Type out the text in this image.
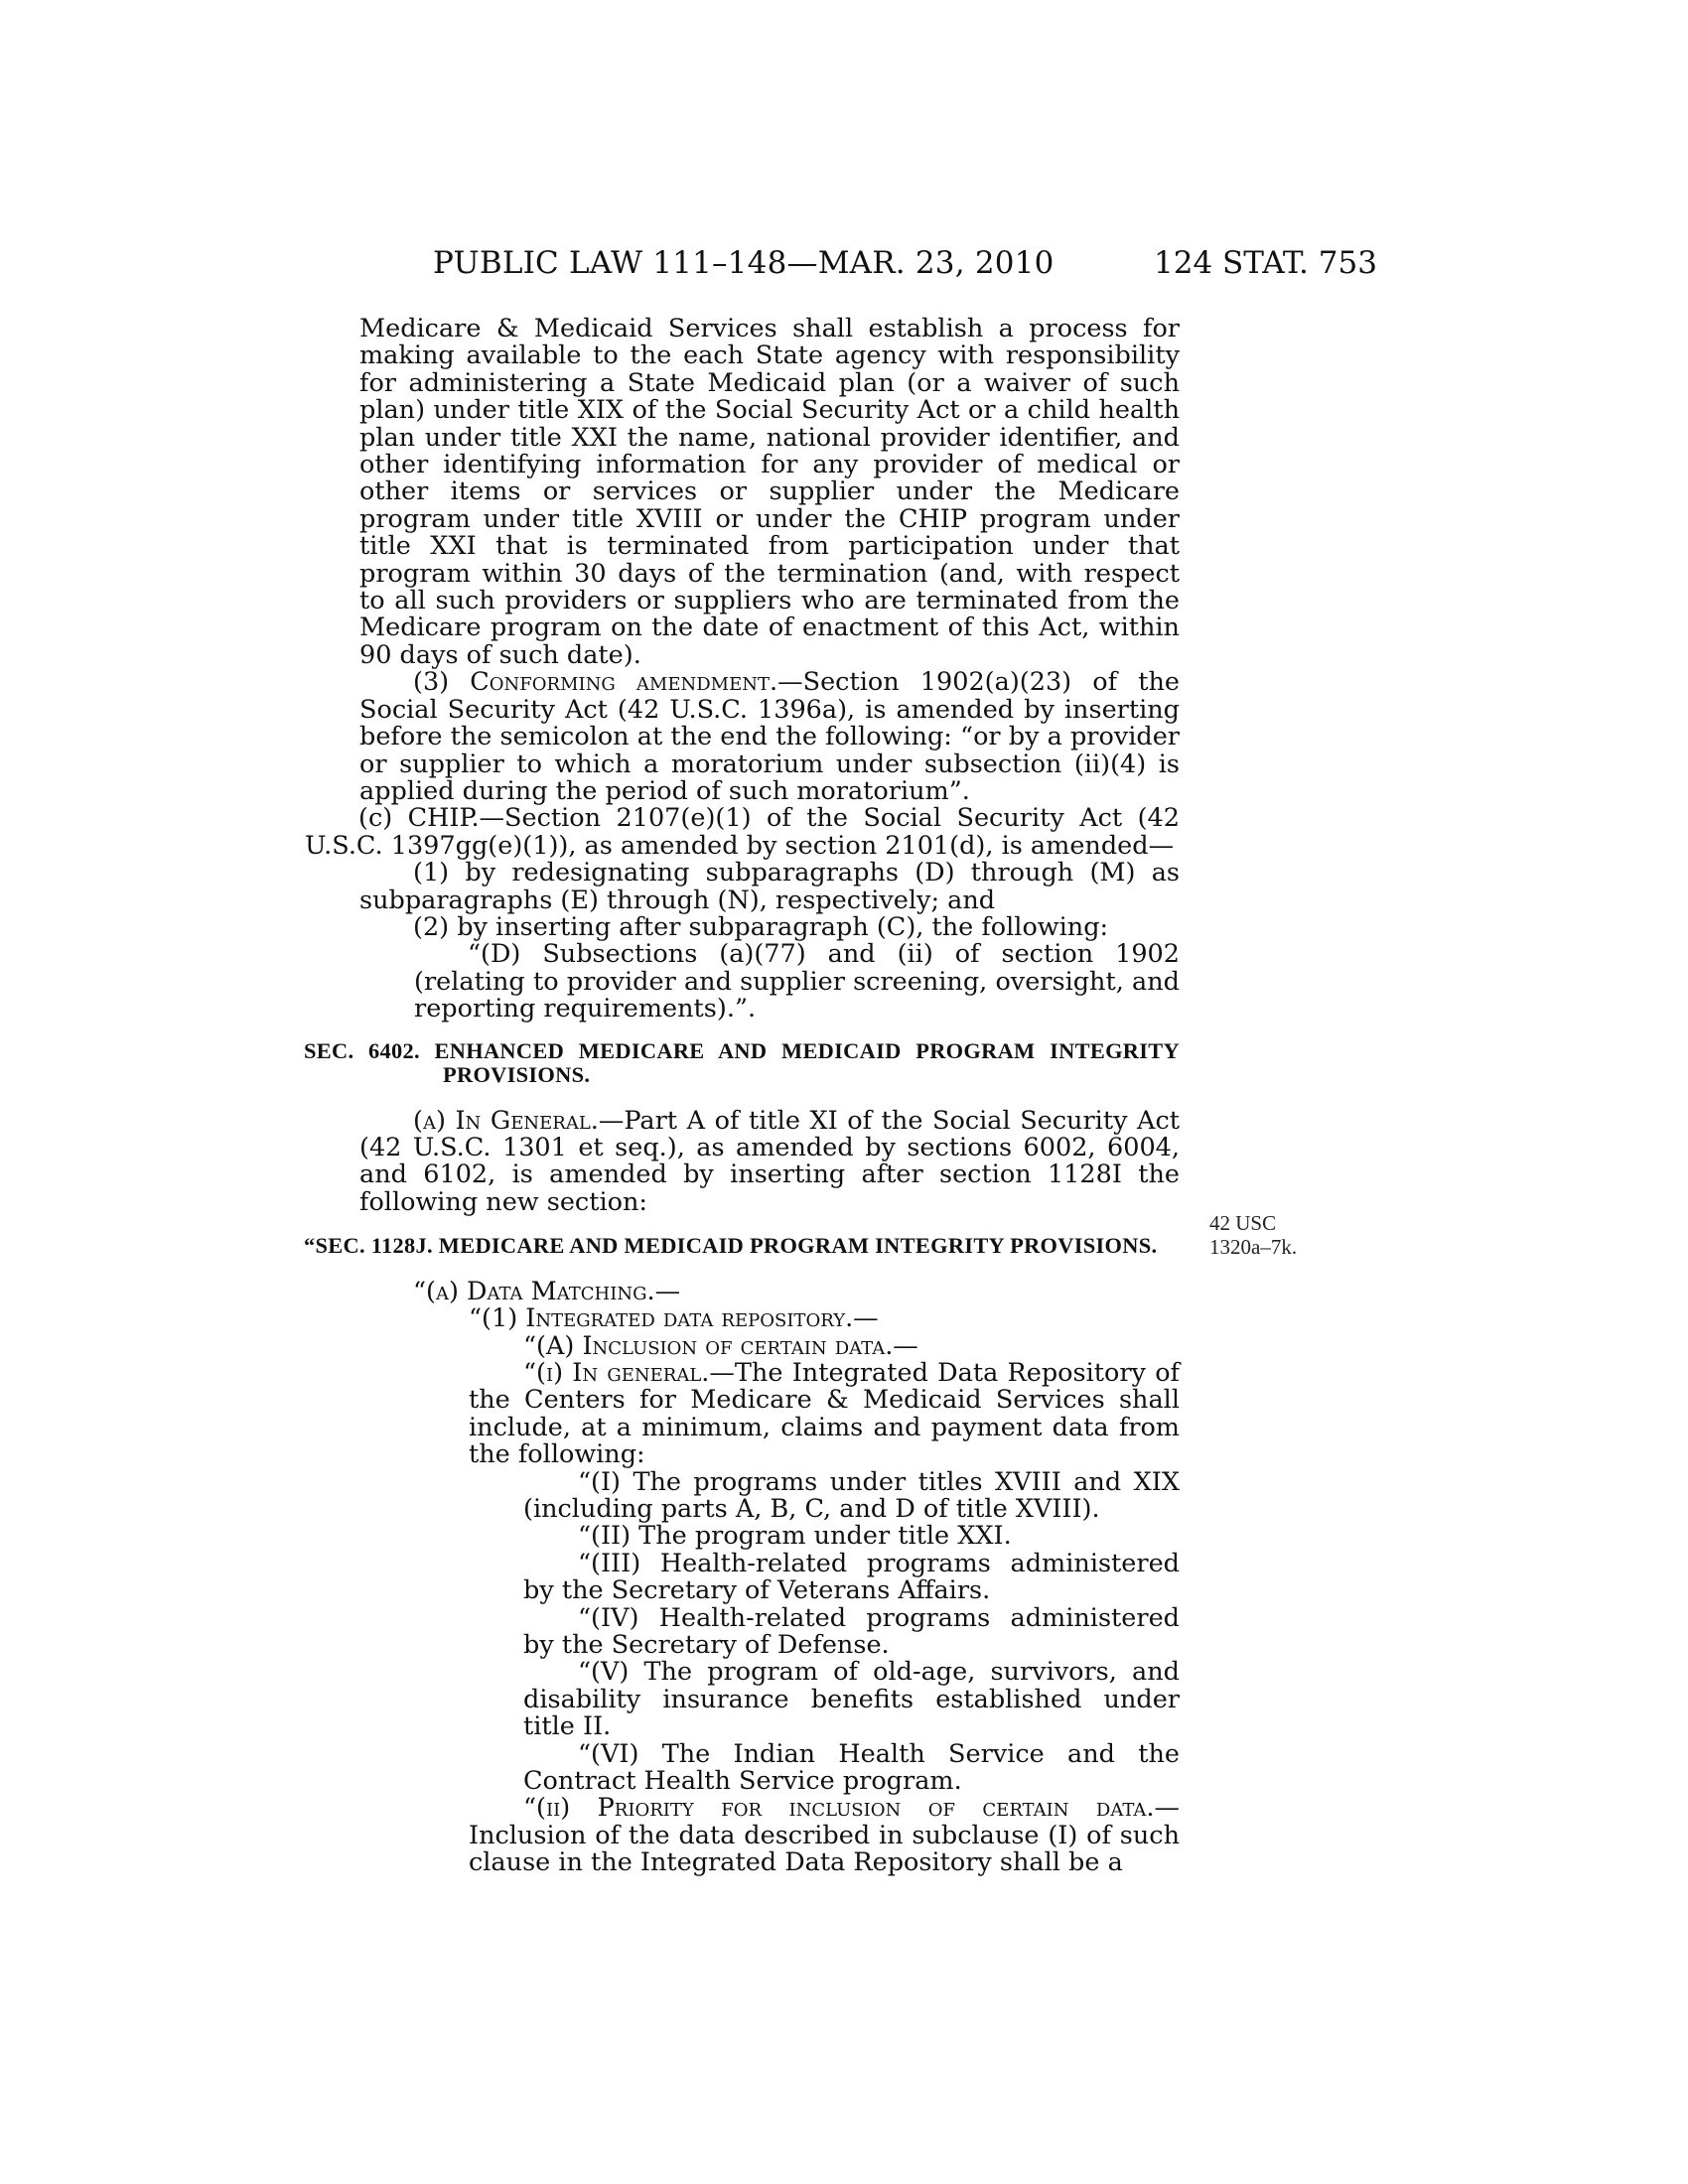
PUBLIC LAW 111–148—MAR. 23, 2010	124 STAT. 753

Medicare & Medicaid Services shall establish a process for making available to the each State agency with responsibility for administering a State Medicaid plan (or a waiver of such plan) under title XIX of the Social Security Act or a child health plan under title XXI the name, national provider identifier, and other identifying information for any provider of medical or other items or services or supplier under the Medicare program under title XVIII or under the CHIP program under title XXI that is terminated from participation under that program within 30 days of the termination (and, with respect to all such providers or suppliers who are terminated from the Medicare program on the date of enactment of this Act, within 90 days of such date).

(3) Conforming amendment.—Section 1902(a)(23) of the Social Security Act (42 U.S.C. 1396a), is amended by inserting before the semicolon at the end the following: “or by a provider or supplier to which a moratorium under subsection (ii)(4) is applied during the period of such moratorium”.

(c) CHIP.—Section 2107(e)(1) of the Social Security Act (42 U.S.C. 1397gg(e)(1)), as amended by section 2101(d), is amended—

(1) by redesignating subparagraphs (D) through (M) as subparagraphs (E) through (N), respectively; and

(2) by inserting after subparagraph (C), the following:

“(D) Subsections (a)(77) and (ii) of section 1902 (relating to provider and supplier screening, oversight, and reporting requirements).”.

SEC. 6402. ENHANCED MEDICARE AND MEDICAID PROGRAM INTEGRITY PROVISIONS.

(a) In General.—Part A of title XI of the Social Security Act (42 U.S.C. 1301 et seq.), as amended by sections 6002, 6004, and 6102, is amended by inserting after section 1128I the following new section:

“SEC. 1128J. MEDICARE AND MEDICAID PROGRAM INTEGRITY PROVISIONS.

“(a) Data Matching.—

“(1) Integrated data repository.—

“(A) Inclusion of certain data.—

“(i) In general.—The Integrated Data Repository of the Centers for Medicare & Medicaid Services shall include, at a minimum, claims and payment data from the following:

“(I) The programs under titles XVIII and XIX (including parts A, B, C, and D of title XVIII).

“(II) The program under title XXI.

“(III) Health-related programs administered by the Secretary of Veterans Affairs.

“(IV) Health-related programs administered by the Secretary of Defense.

“(V) The program of old-age, survivors, and disability insurance benefits established under title II.

“(VI) The Indian Health Service and the Contract Health Service program.

“(ii) Priority for inclusion of certain data.— Inclusion of the data described in subclause (I) of such clause in the Integrated Data Repository shall be a

42 USC
1320a–7k.
